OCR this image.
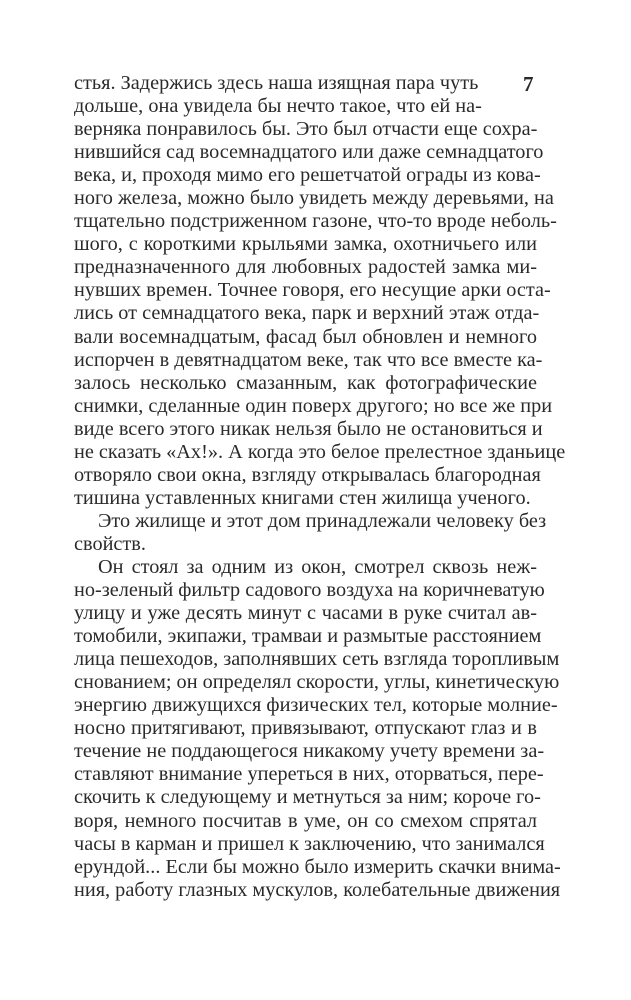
7
стья. Задержись здесь наша изящная пара чуть
дольше, она увидела бы нечто такое, что ей на-
верняка понравилось бы. Это был отчасти еще сохра-
нившийся сад восемнадцатого или даже семнадцатого
века, и, проходя мимо его решетчатой ограды из кова-
ного железа, можно было увидеть между деревьями, на
тщательно подстриженном газоне, что-то вроде неболь-
шого, с короткими крыльями замка, охотничьего или
предназначенного для любовных радостей замка ми-
нувших времен. Точнее говоря, его несущие арки оста-
лись от семнадцатого века, парк и верхний этаж отда-
вали восемнадцатым, фасад был обновлен и немного
испорчен в девятнадцатом веке, так что все вместе ка-
залось несколько смазанным, как фотографические
снимки, сделанные один поверх другого; но все же при
виде всего этого никак нельзя было не остановиться и
не сказать «Ах!». А когда это белое прелестное зданьице
отворяло свои окна, взгляду открывалась благородная
тишина уставленных книгами стен жилища ученого.
Это жилище и этот дом принадлежали человеку без
свойств.
Он стоял за одним из окон, смотрел сквозь неж-
но-зеленый фильтр садового воздуха на коричневатую
улицу и уже десять минут с часами в руке считал ав-
томобили, экипажи, трамваи и размытые расстоянием
лица пешеходов, заполнявших сеть взгляда торопливым
снованием; он определял скорости, углы, кинетическую
энергию движущихся физических тел, которые молние-
носно притягивают, привязывают, отпускают глаз и в
течение не поддающегося никакому учету времени за-
ставляют внимание упереться в них, оторваться, пере-
скочить к следующему и метнуться за ним; короче го-
воря, немного посчитав в уме, он со смехом спрятал
часы в карман и пришел к заключению, что занимался
ерундой... Если бы можно было измерить скачки внима-
ния, работу глазных мускулов, колебательные движения
